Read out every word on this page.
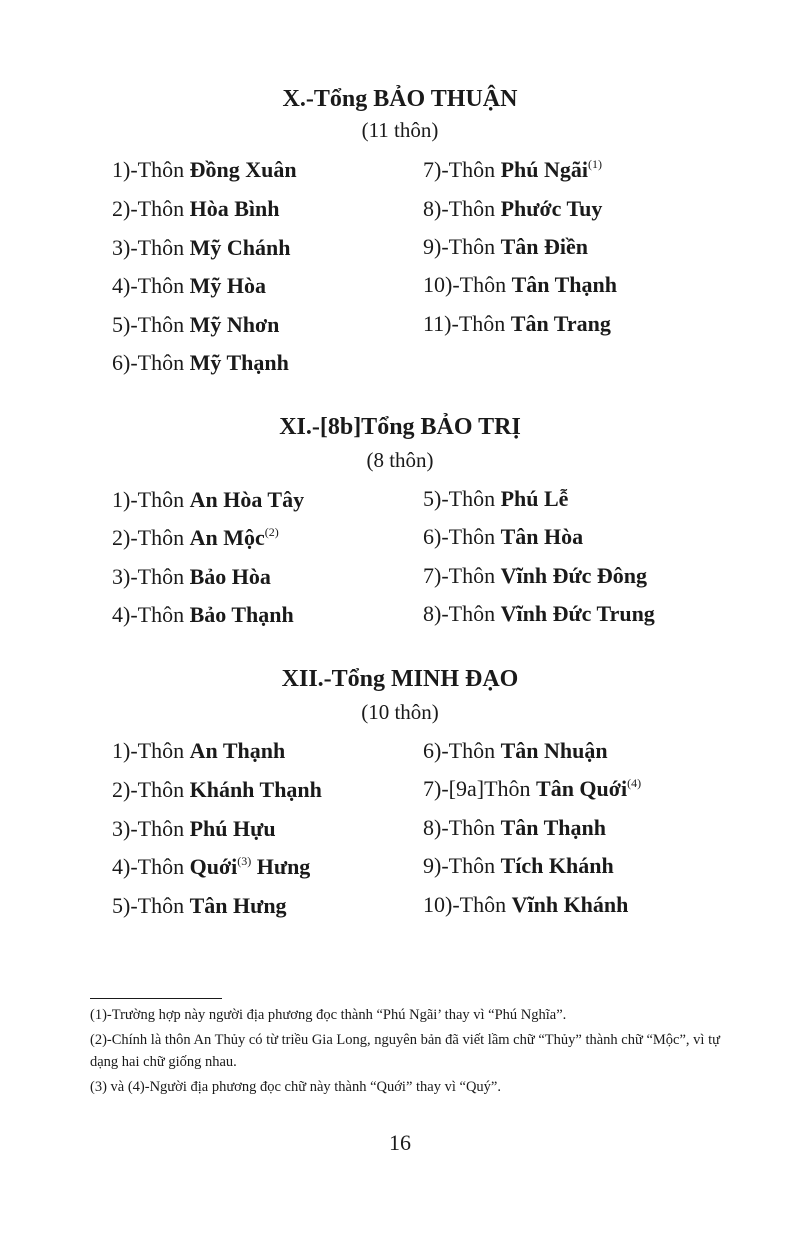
X.-Tổng BẢO THUẬN
(11 thôn)
1)-Thôn Đồng Xuân
2)-Thôn Hòa Bình
3)-Thôn Mỹ Chánh
4)-Thôn Mỹ Hòa
5)-Thôn Mỹ Nhơn
6)-Thôn Mỹ Thạnh
7)-Thôn Phú Ngãi$^{(1)}$
8)-Thôn Phước Tuy
9)-Thôn Tân Điền
10)-Thôn Tân Thạnh
11)-Thôn Tân Trang
XI.-[8b]Tổng BẢO TRỊ
(8 thôn)
1)-Thôn An Hòa Tây
2)-Thôn An Mộc$^{(2)}$
3)-Thôn Bảo Hòa
4)-Thôn Bảo Thạnh
5)-Thôn Phú Lễ
6)-Thôn Tân Hòa
7)-Thôn Vĩnh Đức Đông
8)-Thôn Vĩnh Đức Trung
XII.-Tổng MINH ĐẠO
(10 thôn)
1)-Thôn An Thạnh
2)-Thôn Khánh Thạnh
3)-Thôn Phú Hựu
4)-Thôn Quới$^{(3)}$ Hưng
5)-Thôn Tân Hưng
6)-Thôn Tân Nhuận
7)-[9a]Thôn Tân Quới$^{(4)}$
8)-Thôn Tân Thạnh
9)-Thôn Tích Khánh
10)-Thôn Vĩnh Khánh
(1)-Trường hợp này người địa phương đọc thành “Phú Ngãi’ thay vì “Phú Nghĩa”.
(2)-Chính là thôn An Thủy có từ triều Gia Long, nguyên bản đã viết lầm chữ “Thủy” thành chữ “Mộc”, vì tự dạng hai chữ giống nhau.
(3) và (4)-Người địa phương đọc chữ này thành “Quới” thay vì “Quý”.
16
